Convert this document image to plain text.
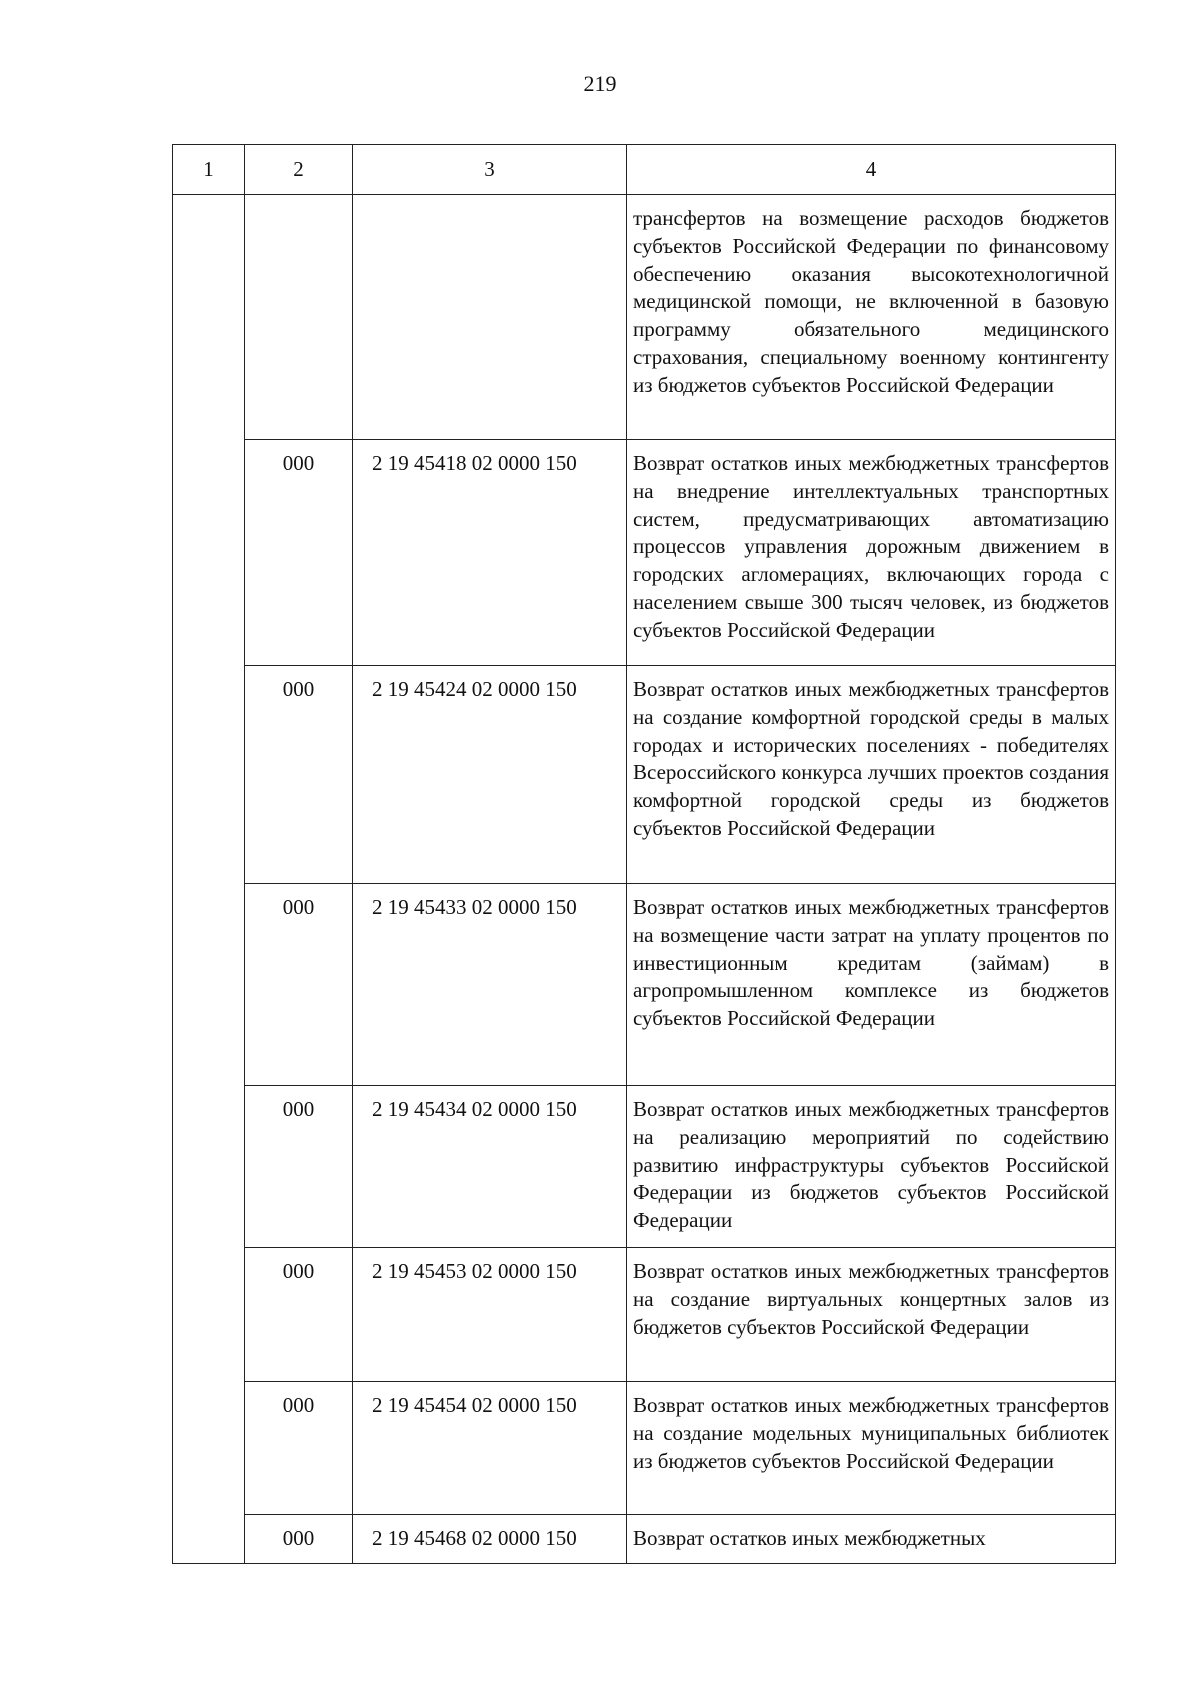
219
1	2	3	4
			трансфертов на возмещение расходов бюджетов субъектов Российской Федерации по финансовому обеспечению оказания высокотехнологичной медицинской помощи, не включенной в базовую программу обязательного медицинского страхования, специальному военному контингенту из бюджетов субъектов Российской Федерации
	000	2 19 45418 02 0000 150	Возврат остатков иных межбюджетных трансфертов на внедрение интеллектуальных транспортных систем, предусматривающих автоматизацию процессов управления дорожным движением в городских агломерациях, включающих города с населением свыше 300 тысяч человек, из бюджетов субъектов Российской Федерации
	000	2 19 45424 02 0000 150	Возврат остатков иных межбюджетных трансфертов на создание комфортной городской среды в малых городах и исторических поселениях - победителях Всероссийского конкурса лучших проектов создания комфортной городской среды из бюджетов субъектов Российской Федерации
	000	2 19 45433 02 0000 150	Возврат остатков иных межбюджетных трансфертов на возмещение части затрат на уплату процентов по инвестиционным кредитам (займам) в агропромышленном комплексе из бюджетов субъектов Российской Федерации
	000	2 19 45434 02 0000 150	Возврат остатков иных межбюджетных трансфертов на реализацию мероприятий по содействию развитию инфраструктуры субъектов Российской Федерации из бюджетов субъектов Российской Федерации
	000	2 19 45453 02 0000 150	Возврат остатков иных межбюджетных трансфертов на создание виртуальных концертных залов из бюджетов субъектов Российской Федерации
	000	2 19 45454 02 0000 150	Возврат остатков иных межбюджетных трансфертов на создание модельных муниципальных библиотек из бюджетов субъектов Российской Федерации
	000	2 19 45468 02 0000 150	Возврат остатков иных межбюджетных
